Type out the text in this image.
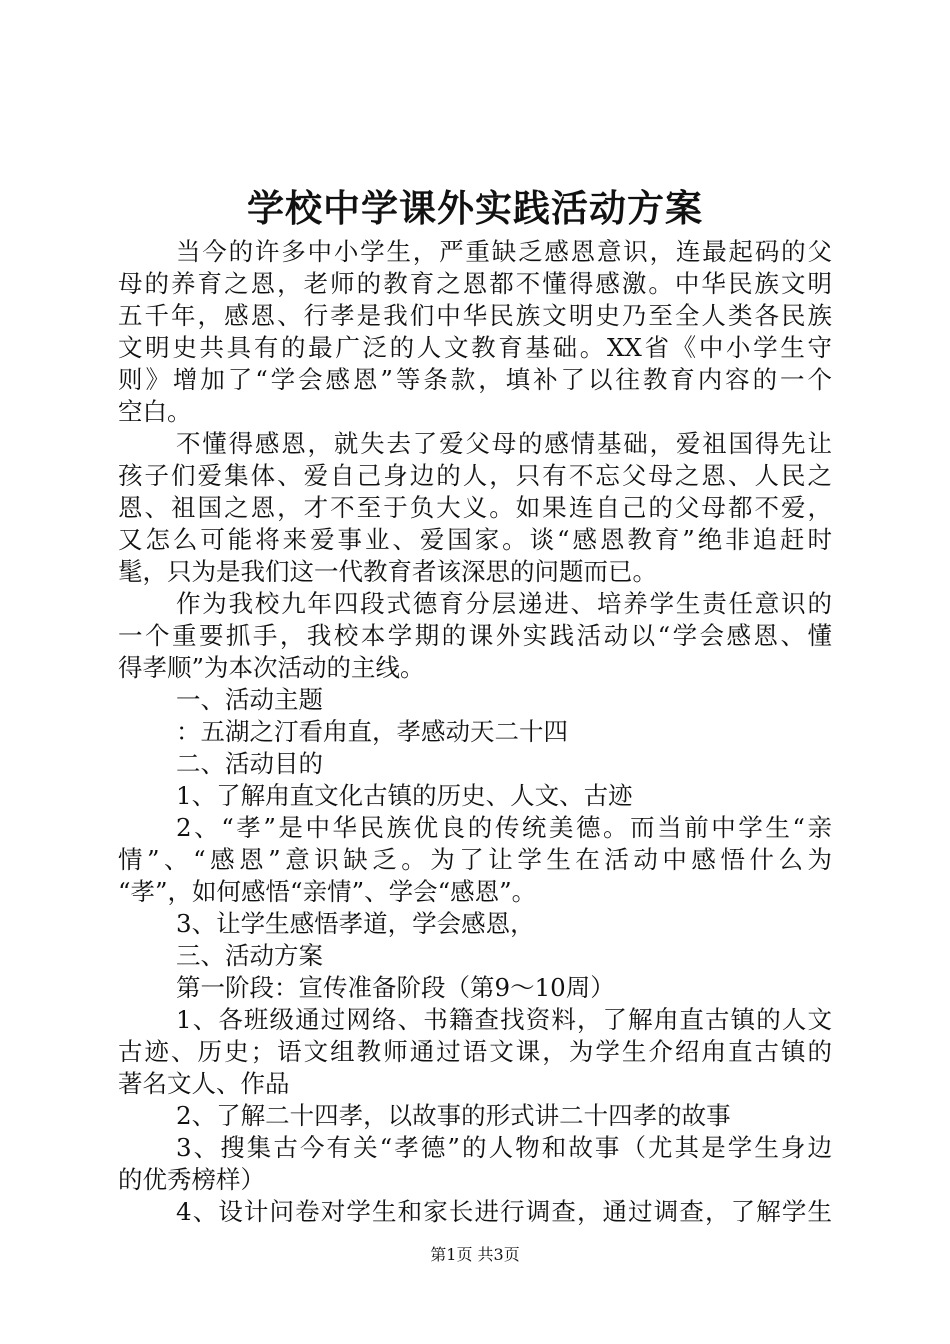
学校中学课外实践活动方案
当今的许多中小学生，严重缺乏感恩意识，连最起码的父
母的养育之恩，老师的教育之恩都不懂得感激。中华民族文明
五千年，感恩、行孝是我们中华民族文明史乃至全人类各民族
文明史共具有的最广泛的人文教育基础。XX省《中小学生守
则》增加了“学会感恩”等条款，填补了以往教育内容的一个
空白。
不懂得感恩，就失去了爱父母的感情基础，爱祖国得先让
孩子们爱集体、爱自己身边的人，只有不忘父母之恩、人民之
恩、祖国之恩，才不至于负大义。如果连自己的父母都不爱，
又怎么可能将来爱事业、爱国家。谈“感恩教育”绝非追赶时
髦，只为是我们这一代教育者该深思的问题而已。
作为我校九年四段式德育分层递进、培养学生责任意识的
一个重要抓手，我校本学期的课外实践活动以“学会感恩、懂
得孝顺”为本次活动的主线。
一、活动主题
：五湖之汀看甪直，孝感动天二十四
二、活动目的
1、了解甪直文化古镇的历史、人文、古迹
2、“孝”是中华民族优良的传统美德。而当前中学生“亲
情”、“感恩”意识缺乏。为了让学生在活动中感悟什么为
“孝”，如何感悟“亲情”、学会“感恩”。
3、让学生感悟孝道，学会感恩，
三、活动方案
第一阶段：宣传准备阶段（第9～10周）
1、各班级通过网络、书籍查找资料，了解甪直古镇的人文
古迹、历史；语文组教师通过语文课，为学生介绍甪直古镇的
著名文人、作品
2、了解二十四孝，以故事的形式讲二十四孝的故事
3、搜集古今有关“孝德”的人物和故事（尤其是学生身边
的优秀榜样）
4、设计问卷对学生和家长进行调查，通过调查，了解学生
第1页 共3页
